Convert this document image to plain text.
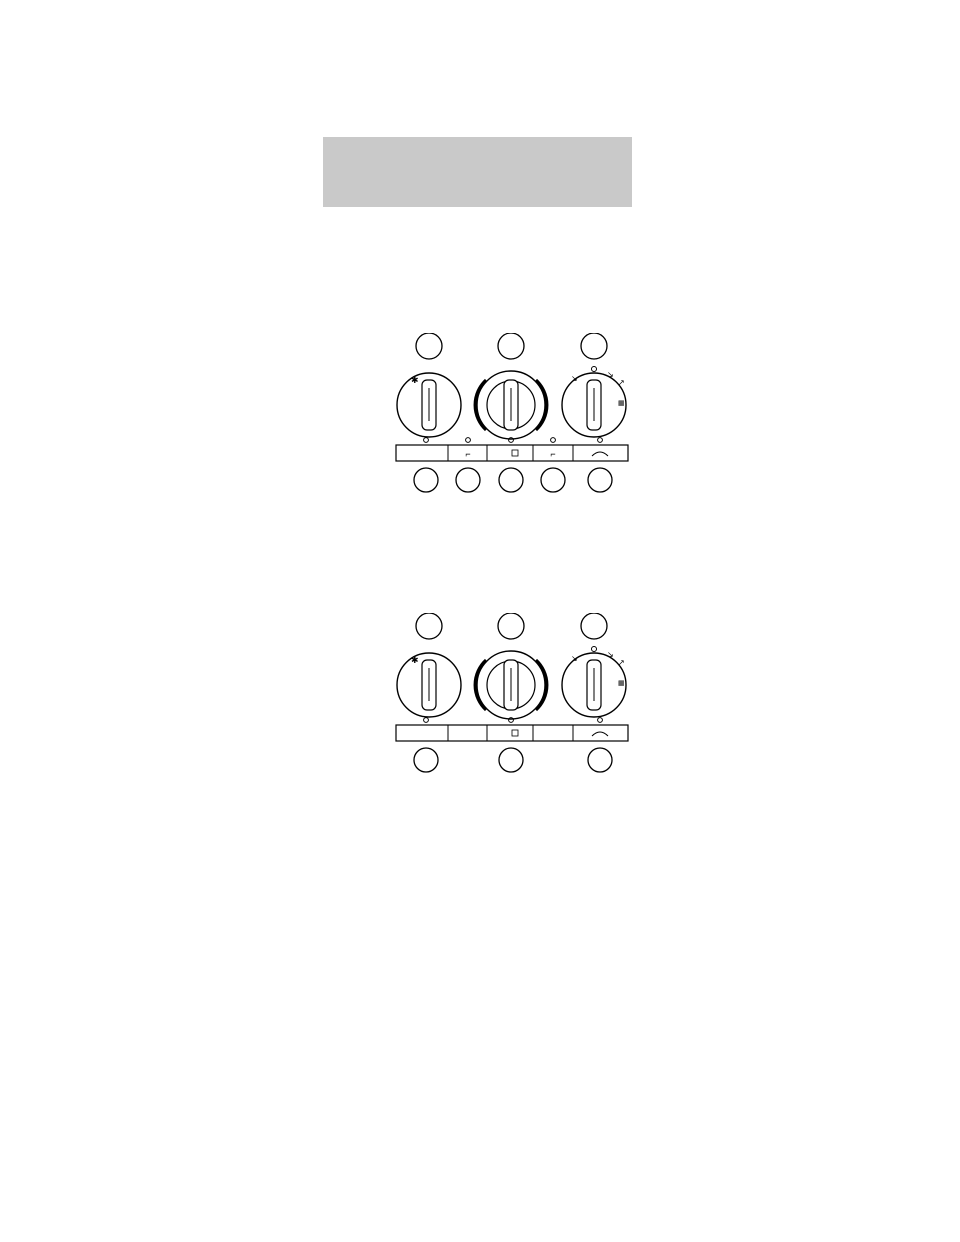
✱	↘	↘
↗
▦
⌐	⌐
✱	↘	↘
↗
▦
